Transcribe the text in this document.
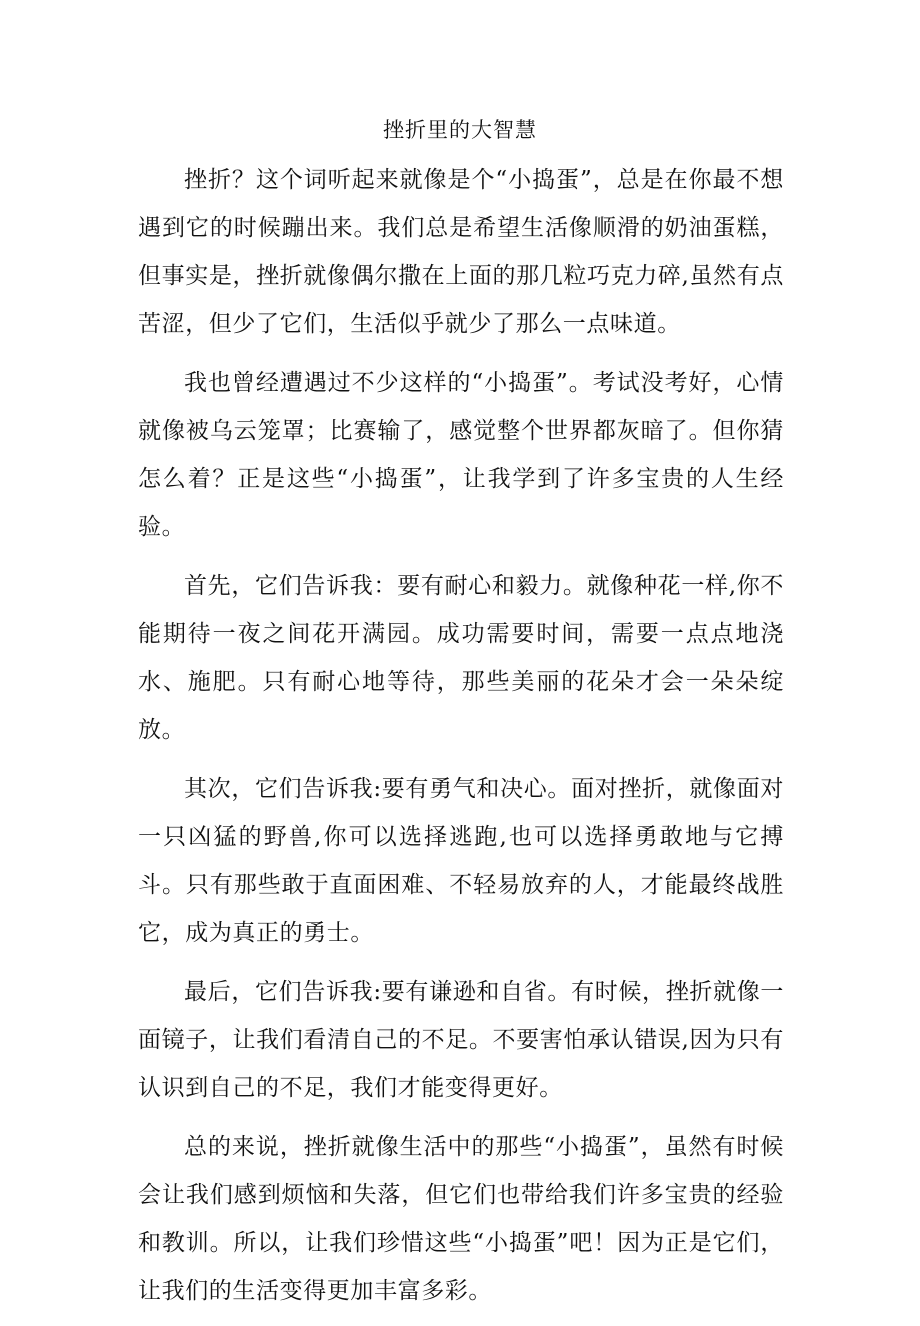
挫折里的大智慧

挫折？这个词听起来就像是个“小捣蛋”，总是在你最不想遇到它的时候蹦出来。我们总是希望生活像顺滑的奶油蛋糕，但事实是，挫折就像偶尔撒在上面的那几粒巧克力碎,虽然有点苦涩，但少了它们，生活似乎就少了那么一点味道。

我也曾经遭遇过不少这样的“小捣蛋”。考试没考好，心情就像被乌云笼罩；比赛输了，感觉整个世界都灰暗了。但你猜怎么着？正是这些“小捣蛋”，让我学到了许多宝贵的人生经验。

首先，它们告诉我：要有耐心和毅力。就像种花一样,你不能期待一夜之间花开满园。成功需要时间，需要一点点地浇水、施肥。只有耐心地等待，那些美丽的花朵才会一朵朵绽放。

其次，它们告诉我:要有勇气和决心。面对挫折，就像面对一只凶猛的野兽,你可以选择逃跑,也可以选择勇敢地与它搏斗。只有那些敢于直面困难、不轻易放弃的人，才能最终战胜它，成为真正的勇士。

最后，它们告诉我:要有谦逊和自省。有时候，挫折就像一面镜子，让我们看清自己的不足。不要害怕承认错误,因为只有认识到自己的不足，我们才能变得更好。

总的来说，挫折就像生活中的那些“小捣蛋”，虽然有时候会让我们感到烦恼和失落，但它们也带给我们许多宝贵的经验和教训。所以，让我们珍惜这些“小捣蛋”吧！因为正是它们，让我们的生活变得更加丰富多彩。
